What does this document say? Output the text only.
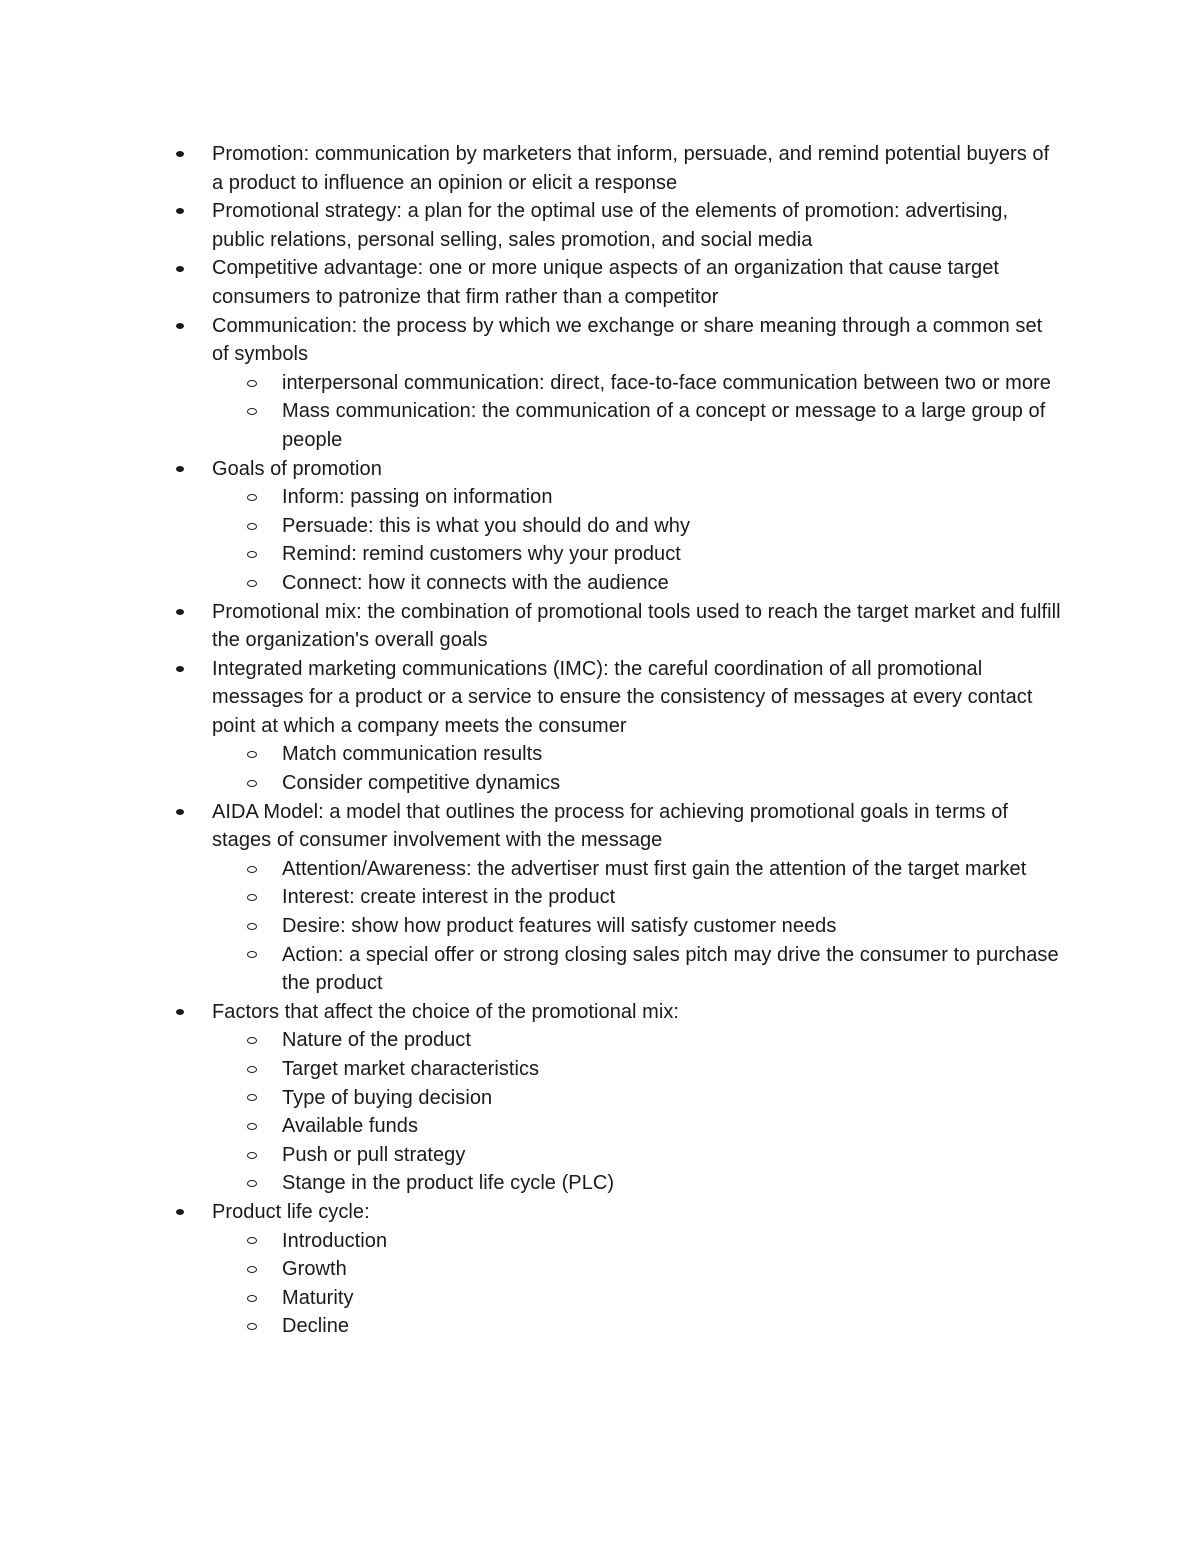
Promotion: communication by marketers that inform, persuade, and remind potential buyers of a product to influence an opinion or elicit a response
Promotional strategy: a plan for the optimal use of the elements of promotion: advertising, public relations, personal selling, sales promotion, and social media
Competitive advantage: one or more unique aspects of an organization that cause target consumers to patronize that firm rather than a competitor
Communication: the process by which we exchange or share meaning through a common set of symbols
interpersonal communication: direct, face-to-face communication between two or more
Mass communication: the communication of a concept or message to a large group of people
Goals of promotion
Inform: passing on information
Persuade: this is what you should do and why
Remind: remind customers why your product
Connect: how it connects with the audience
Promotional mix: the combination of promotional tools used to reach the target market and fulfill the organization's overall goals
Integrated marketing communications (IMC): the careful coordination of all promotional messages for a product or a service to ensure the consistency of messages at every contact point at which a company meets the consumer
Match communication results
Consider competitive dynamics
AIDA Model: a model that outlines the process for achieving promotional goals in terms of stages of consumer involvement with the message
Attention/Awareness: the advertiser must first gain the attention of the target market
Interest: create interest in the product
Desire: show how product features will satisfy customer needs
Action: a special offer or strong closing sales pitch may drive the consumer to purchase the product
Factors that affect the choice of the promotional mix:
Nature of the product
Target market characteristics
Type of buying decision
Available funds
Push or pull strategy
Stange in the product life cycle (PLC)
Product life cycle:
Introduction
Growth
Maturity
Decline
